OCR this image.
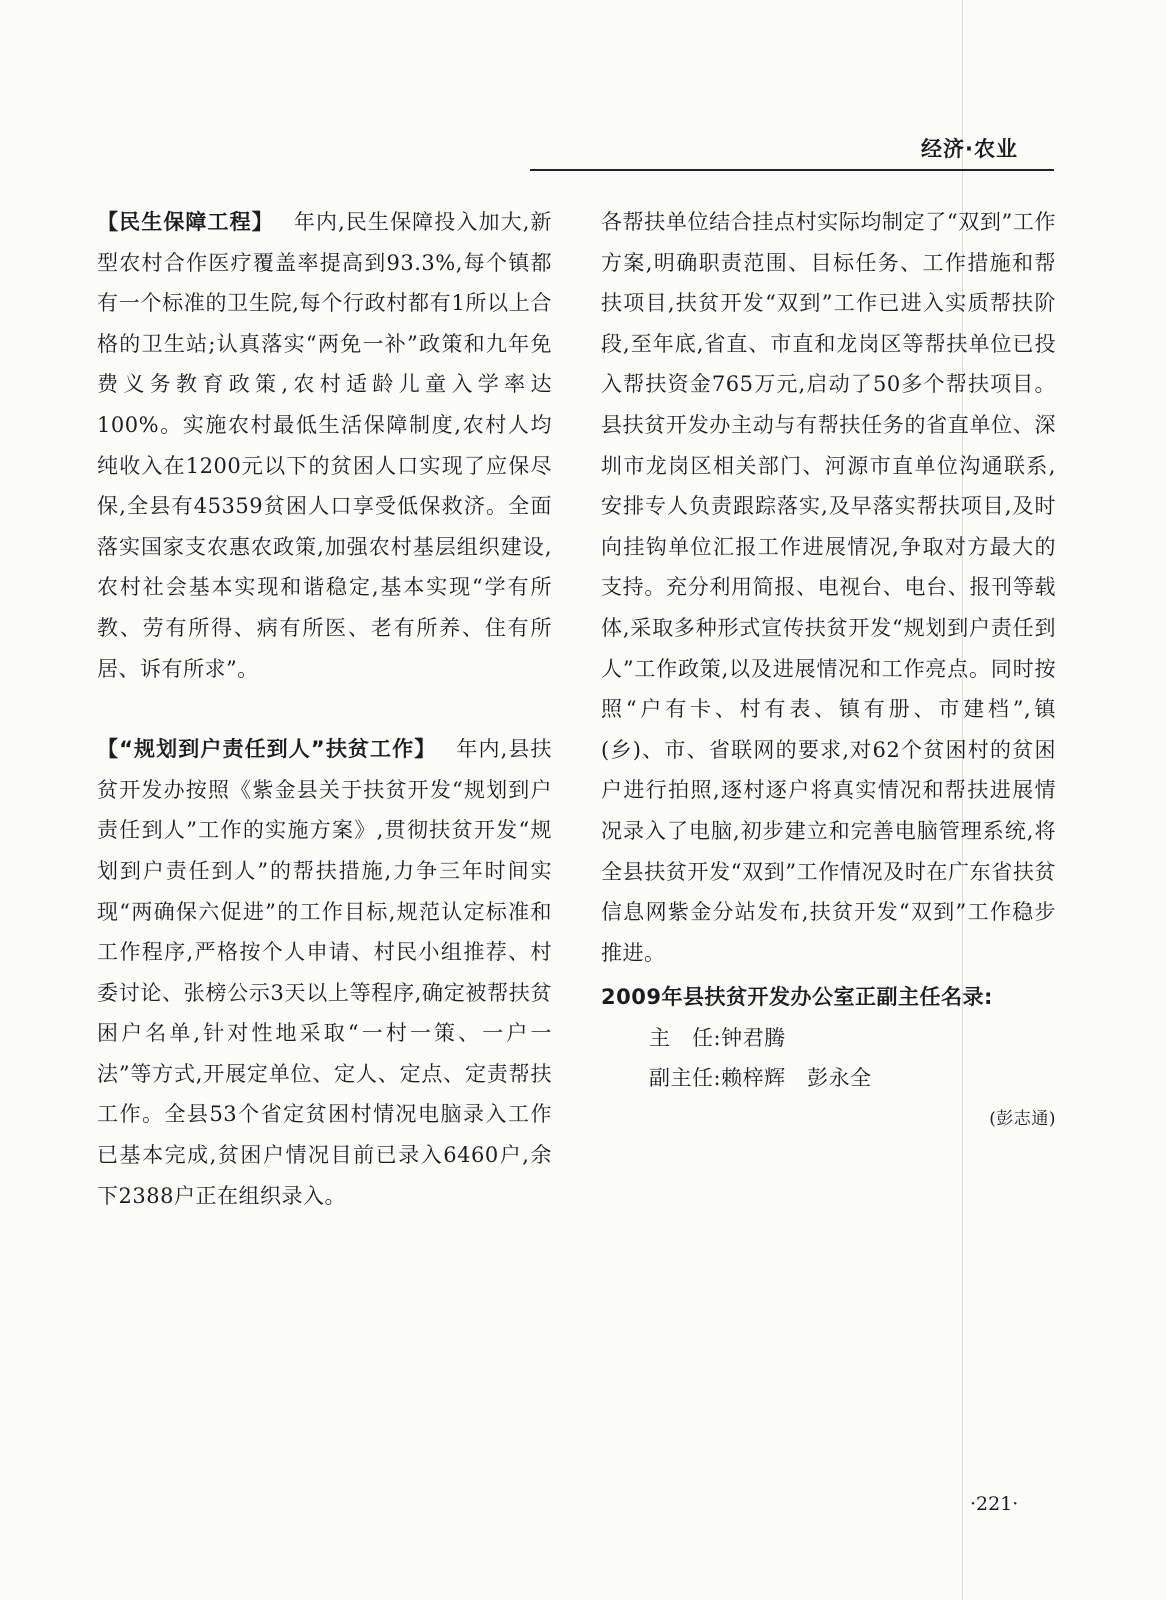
经济·农业

【民生保障工程】 年内,民生保障投入加大,新型农村合作医疗覆盖率提高到93.3%,每个镇都有一个标准的卫生院,每个行政村都有1所以上合格的卫生站;认真落实“两免一补”政策和九年免费义务教育政策,农村适龄儿童入学率达100%。实施农村最低生活保障制度,农村人均纯收入在1200元以下的贫困人口实现了应保尽保,全县有45359贫困人口享受低保救济。全面落实国家支农惠农政策,加强农村基层组织建设,农村社会基本实现和谐稳定,基本实现“学有所教、劳有所得、病有所医、老有所养、住有所居、诉有所求”。

【“规划到户责任到人”扶贫工作】 年内,县扶贫开发办按照《紫金县关于扶贫开发“规划到户责任到人”工作的实施方案》,贯彻扶贫开发“规划到户责任到人”的帮扶措施,力争三年时间实现“两确保六促进”的工作目标,规范认定标准和工作程序,严格按个人申请、村民小组推荐、村委讨论、张榜公示3天以上等程序,确定被帮扶贫困户名单,针对性地采取“一村一策、一户一法”等方式,开展定单位、定人、定点、定责帮扶工作。全县53个省定贫困村情况电脑录入工作已基本完成,贫困户情况目前已录入6460户,余下2388户正在组织录入。

各帮扶单位结合挂点村实际均制定了“双到”工作方案,明确职责范围、目标任务、工作措施和帮扶项目,扶贫开发“双到”工作已进入实质帮扶阶段,至年底,省直、市直和龙岗区等帮扶单位已投入帮扶资金765万元,启动了50多个帮扶项目。县扶贫开发办主动与有帮扶任务的省直单位、深圳市龙岗区相关部门、河源市直单位沟通联系,安排专人负责跟踪落实,及早落实帮扶项目,及时向挂钩单位汇报工作进展情况,争取对方最大的支持。充分利用简报、电视台、电台、报刊等载体,采取多种形式宣传扶贫开发“规划到户责任到人”工作政策,以及进展情况和工作亮点。同时按照“户有卡、村有表、镇有册、市建档”,镇(乡)、市、省联网的要求,对62个贫困村的贫困户进行拍照,逐村逐户将真实情况和帮扶进展情况录入了电脑,初步建立和完善电脑管理系统,将全县扶贫开发“双到”工作情况及时在广东省扶贫信息网紫金分站发布,扶贫开发“双到”工作稳步推进。

2009年县扶贫开发办公室正副主任名录:
主　任:钟君腾
副主任:赖梓辉　彭永全
(彭志通)
·221·
